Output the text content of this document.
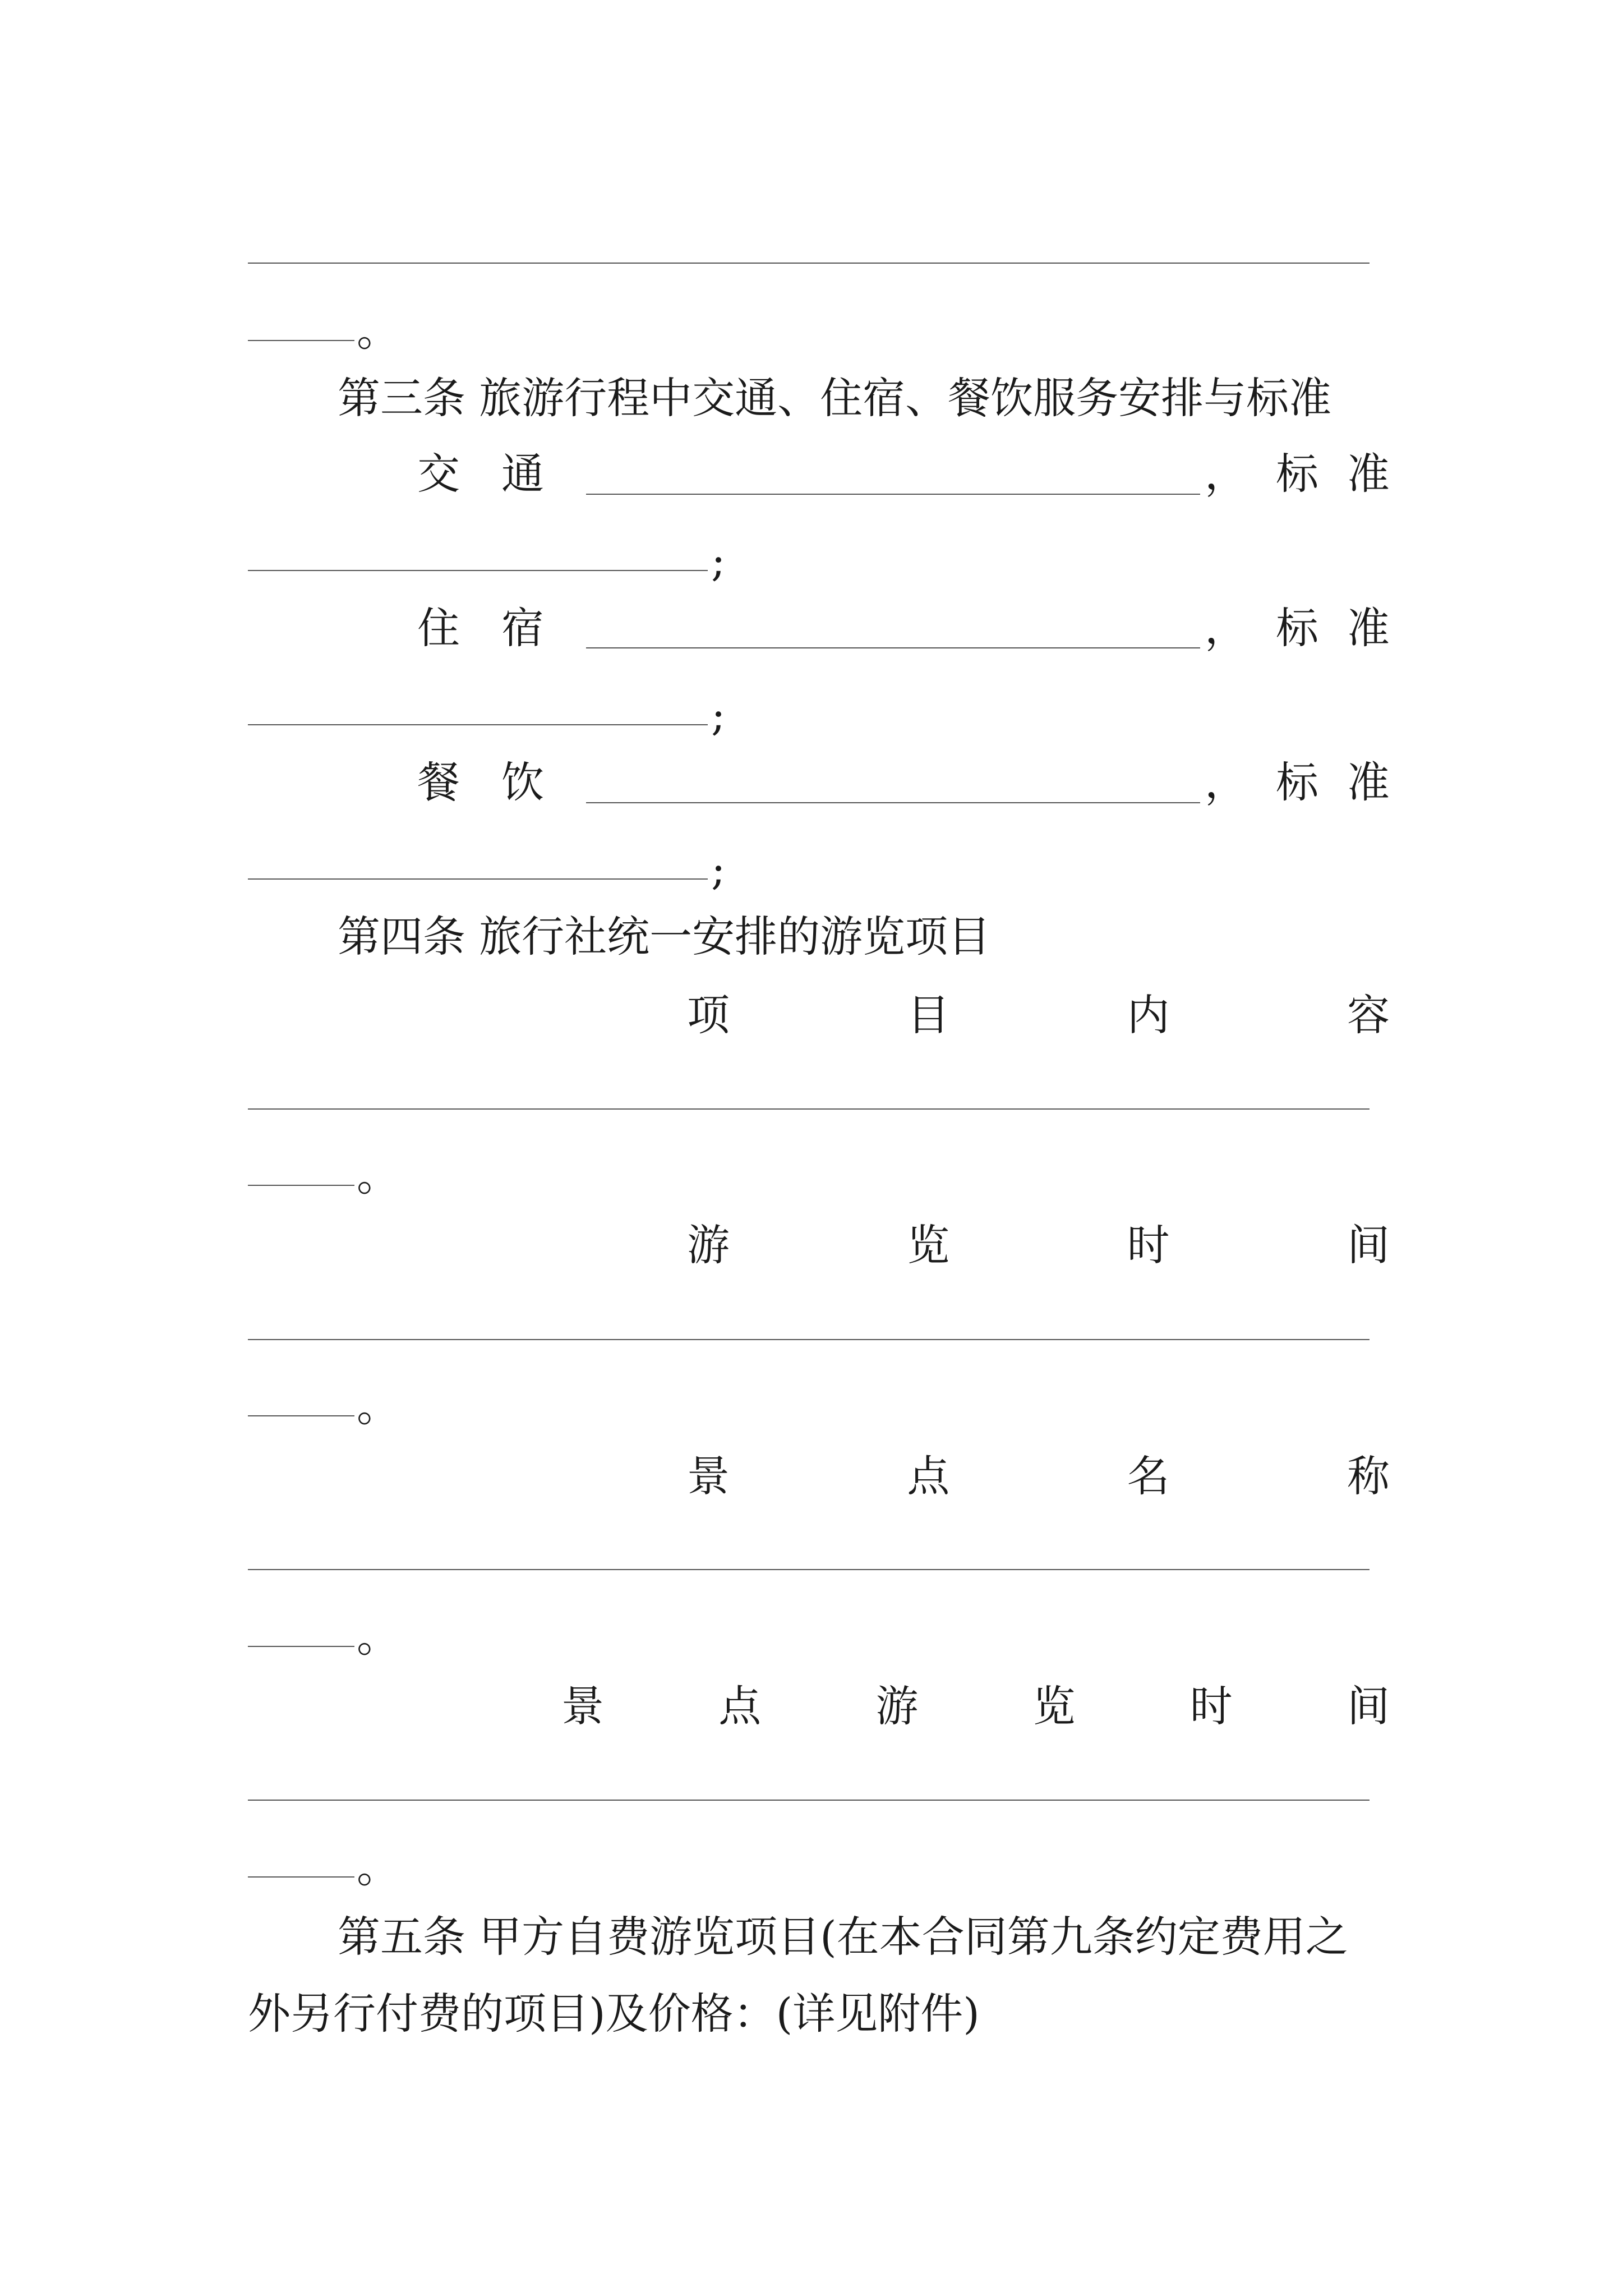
。
第三条 旅游行程中交通、住宿、餐饮服务安排与标准
交 通	， 标 准
;
住 宿	， 标 准
;
餐 饮	， 标 准
;
第四条 旅行社统一安排的游览项目
项	目	内	容
。
游	览	时	间
。
景	点	名	称
。
景	点	游	览	时	间
。
第五条 甲方自费游览项目(在本合同第九条约定费用之
外另行付费的项目)及价格：(详见附件)
